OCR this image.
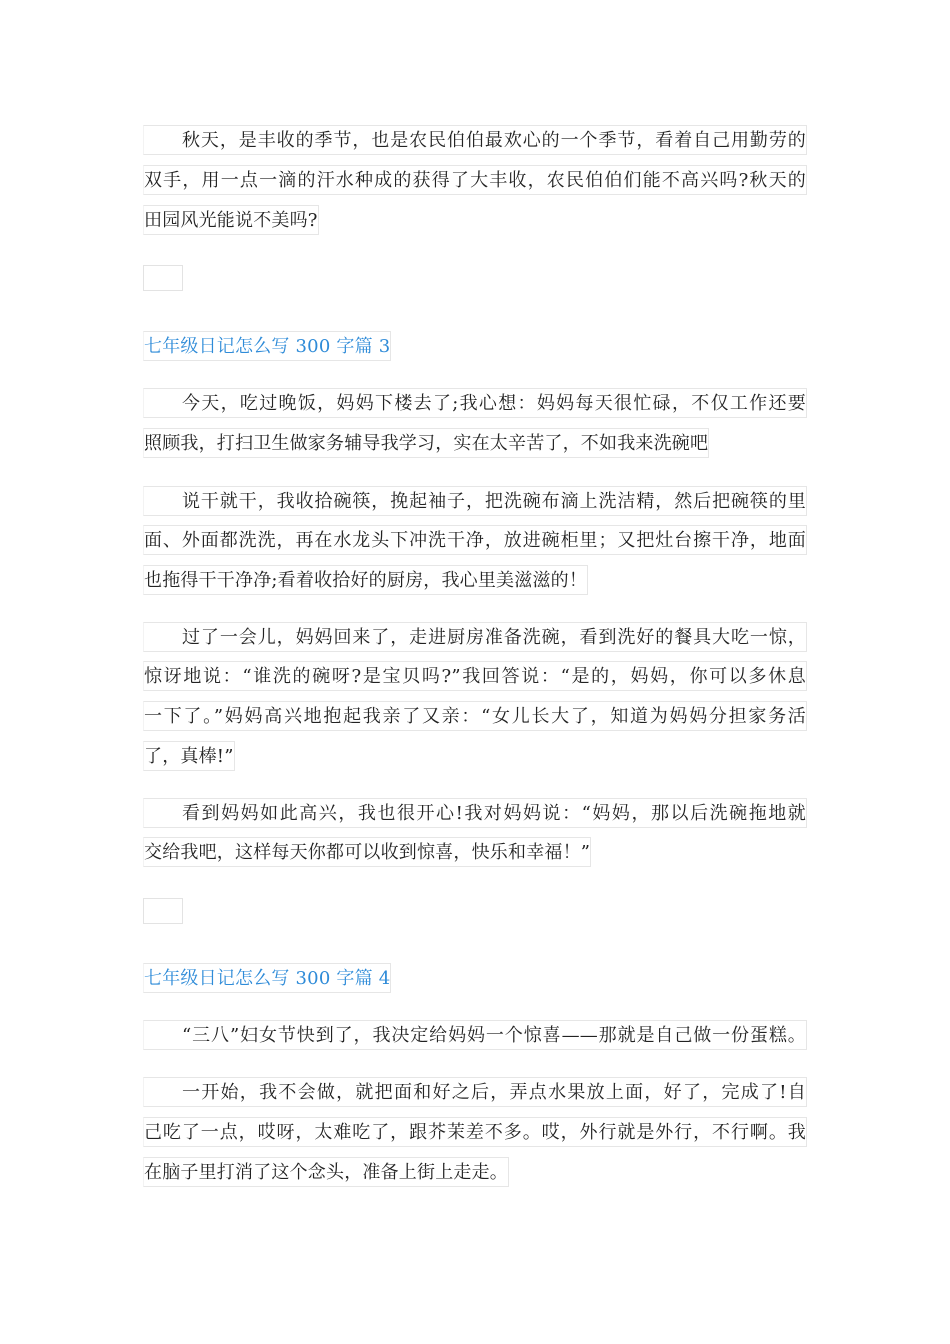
秋天，是丰收的季节，也是农民伯伯最欢心的一个季节，看着自己用勤劳的
双手，用一点一滴的汗水种成的获得了大丰收，农民伯伯们能不高兴吗?秋天的
田园风光能说不美吗?
七年级日记怎么写 300 字篇 3
今天，吃过晚饭，妈妈下楼去了;我心想：妈妈每天很忙碌，不仅工作还要
照顾我，打扫卫生做家务辅导我学习，实在太辛苦了，不如我来洗碗吧
说干就干，我收拾碗筷，挽起袖子，把洗碗布滴上洗洁精，然后把碗筷的里
面、外面都洗洗，再在水龙头下冲洗干净，放进碗柜里；又把灶台擦干净，地面
也拖得干干净净;看着收拾好的厨房，我心里美滋滋的！
过了一会儿，妈妈回来了，走进厨房准备洗碗，看到洗好的餐具大吃一惊，
惊讶地说：“谁洗的碗呀?是宝贝吗?”我回答说：“是的，妈妈，你可以多休息
一下了。”妈妈高兴地抱起我亲了又亲：“女儿长大了，知道为妈妈分担家务活
了，真棒!”
看到妈妈如此高兴，我也很开心!我对妈妈说：“妈妈，那以后洗碗拖地就
交给我吧，这样每天你都可以收到惊喜，快乐和幸福！”
七年级日记怎么写 300 字篇 4
“三八”妇女节快到了，我决定给妈妈一个惊喜——那就是自己做一份蛋糕。
一开始，我不会做，就把面和好之后，弄点水果放上面，好了，完成了!自
己吃了一点，哎呀，太难吃了，跟芥茉差不多。哎，外行就是外行，不行啊。我
在脑子里打消了这个念头，准备上街上走走。
